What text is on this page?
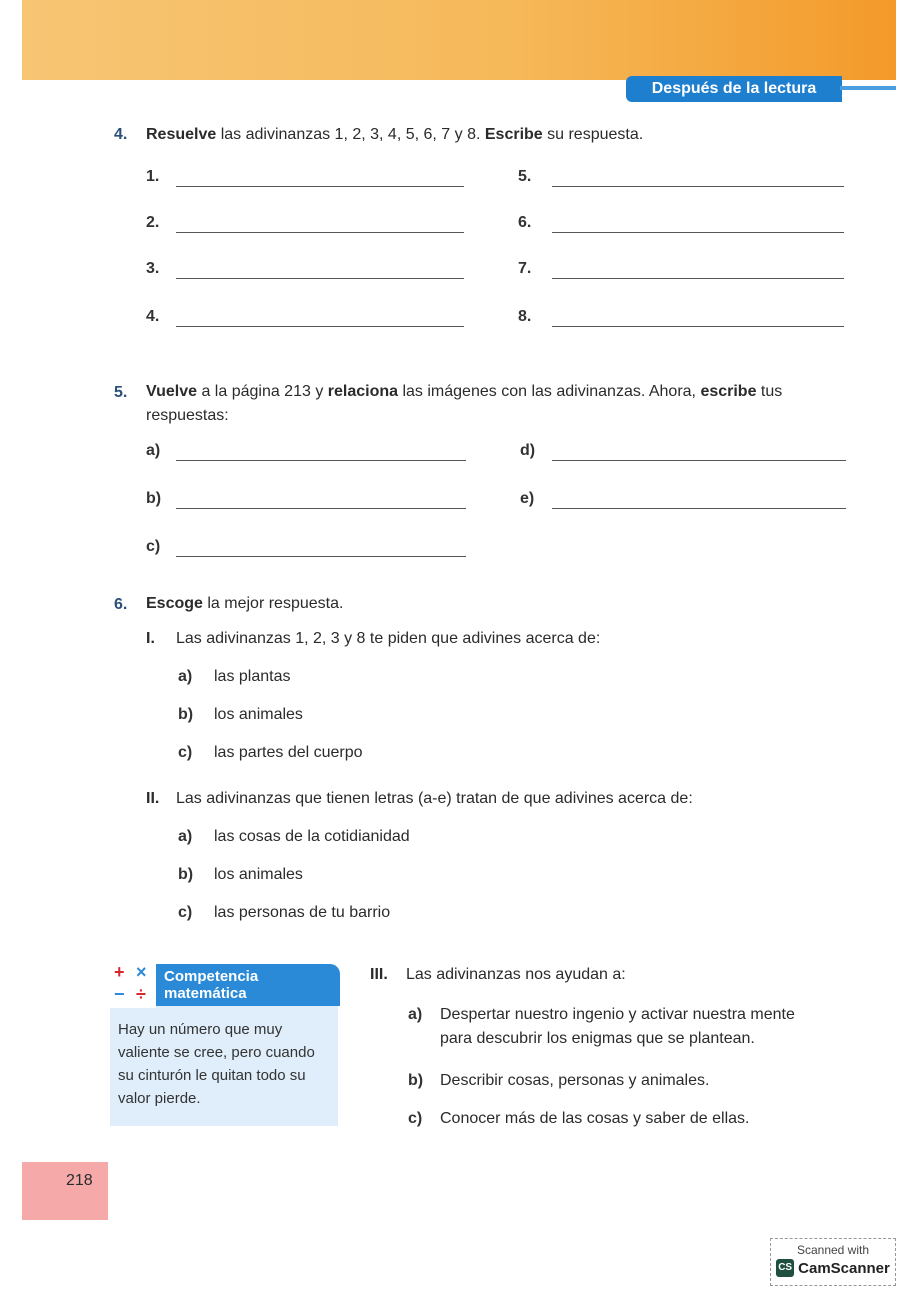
Después de la lectura
4. Resuelve las adivinanzas 1, 2, 3, 4, 5, 6, 7 y 8. Escribe su respuesta.
1.
2.
3.
4.
5.
6.
7.
8.
5. Vuelve a la página 213 y relaciona las imágenes con las adivinanzas. Ahora, escribe tus
respuestas:
a)
b)
c)
d)
e)
6. Escoge la mejor respuesta.
I. Las adivinanzas 1, 2, 3 y 8 te piden que adivines acerca de:
a) las plantas
b) los animales
c) las partes del cuerpo
II. Las adivinanzas que tienen letras (a-e) tratan de que adivines acerca de:
a) las cosas de la cotidianidad
b) los animales
c) las personas de tu barrio
Competencia
matemática
+ ×
− ÷
Hay un número que muy valiente se cree, pero cuando su cinturón le quitan todo su valor pierde.
III. Las adivinanzas nos ayudan a:
a) Despertar nuestro ingenio y activar nuestra mente
para descubrir los enigmas que se plantean.
b) Describir cosas, personas y animales.
c) Conocer más de las cosas y saber de ellas.
218
Scanned with
CS CamScanner
